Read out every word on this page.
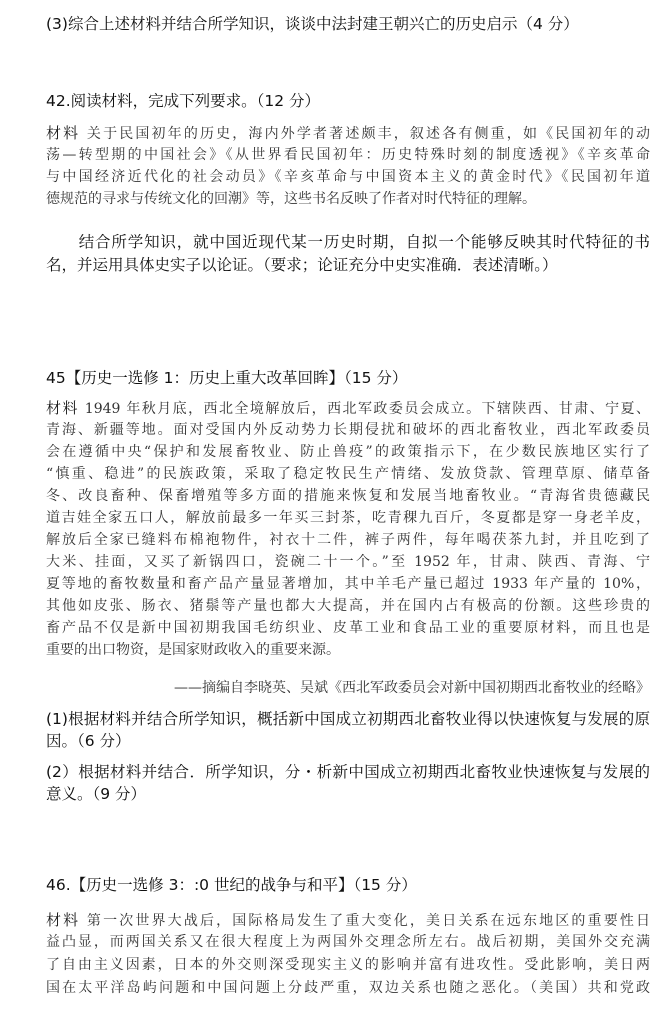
(3)综合上述材料并结合所学知识，谈谈中法封建王朝兴亡的历史启示（4 分）
42.阅读材料，完成下列要求。（12 分）
材料 关于民国初年的历史，海内外学者著述颇丰，叙述各有侧重，如《民国初年的动
荡—转型期的中国社会》《从世界看民国初年：历史特殊时刻的制度透视》《辛亥革命
与中国经济近代化的社会动员》《辛亥革命与中国资本主义的黄金时代》《民国初年道
德规范的寻求与传统文化的回潮》等，这些书名反映了作者对时代特征的理解。
　　结合所学知识，就中国近现代某一历史时期，自拟一个能够反映其时代特征的书
名，并运用具体史实子以论证。（要求；论证充分中史实准确．表述清晰。）
45【历史一选修 1：历史上重大改革回眸】（15 分）
材料 1949 年秋月底，西北全境解放后，西北军政委员会成立。下辖陕西、甘肃、宁夏、
青海、新疆等地。面对受国内外反动势力长期侵扰和破坏的西北畜牧业，西北军政委员
会在遵循中央“保护和发展畜牧业、防止兽疫”的政策指示下，在少数民族地区实行了
“慎重、稳进”的民族政策，采取了稳定牧民生产情绪、发放贷款、管理草原、储草备
冬、改良畜种、保畜增殖等多方面的措施来恢复和发展当地畜牧业。“青海省贵德藏民
道吉娃全家五口人，解放前最多一年买三封茶，吃青稞九百斤，冬夏都是穿一身老羊皮，
解放后全家已缝料布棉袍物件，衬衣十二件，裤子两件，每年喝茯茶九封，并且吃到了
大米、挂面，又买了新锅四口，瓷碗二十一个。”至 1952 年，甘肃、陕西、青海、宁
夏等地的畜牧数量和畜产品产量显著增加，其中羊毛产量已超过 1933 年产量的 10%，
其他如皮张、肠衣、猪鬃等产量也都大大提高，并在国内占有极高的份额。这些珍贵的
畜产品不仅是新中国初期我国毛纺织业、皮革工业和食品工业的重要原材料，而且也是
重要的出口物资，是国家财政收入的重要来源。
——摘编自李晓英、吴斌《西北军政委员会对新中国初期西北畜牧业的经略》
(1)根据材料并结合所学知识，概括新中国成立初期西北畜牧业得以快速恢复与发展的原
因。（6 分）
(2）根据材料并结合．所学知识，分・析新中国成立初期西北畜牧业快速恢复与发展的
意义。（9 分）
46.【历史一选修 3：:0 世纪的战争与和平】（15 分）
材料 第一次世界大战后，国际格局发生了重大变化，美日关系在远东地区的重要性日
益凸显，而两国关系又在很大程度上为两国外交理念所左右。战后初期，美国外交充满
了自由主义因素，日本的外交则深受现实主义的影响并富有进攻性。受此影响，美日两
国在太平洋岛屿问题和中国问题上分歧严重，双边关系也随之恶化。（美国）共和党政
